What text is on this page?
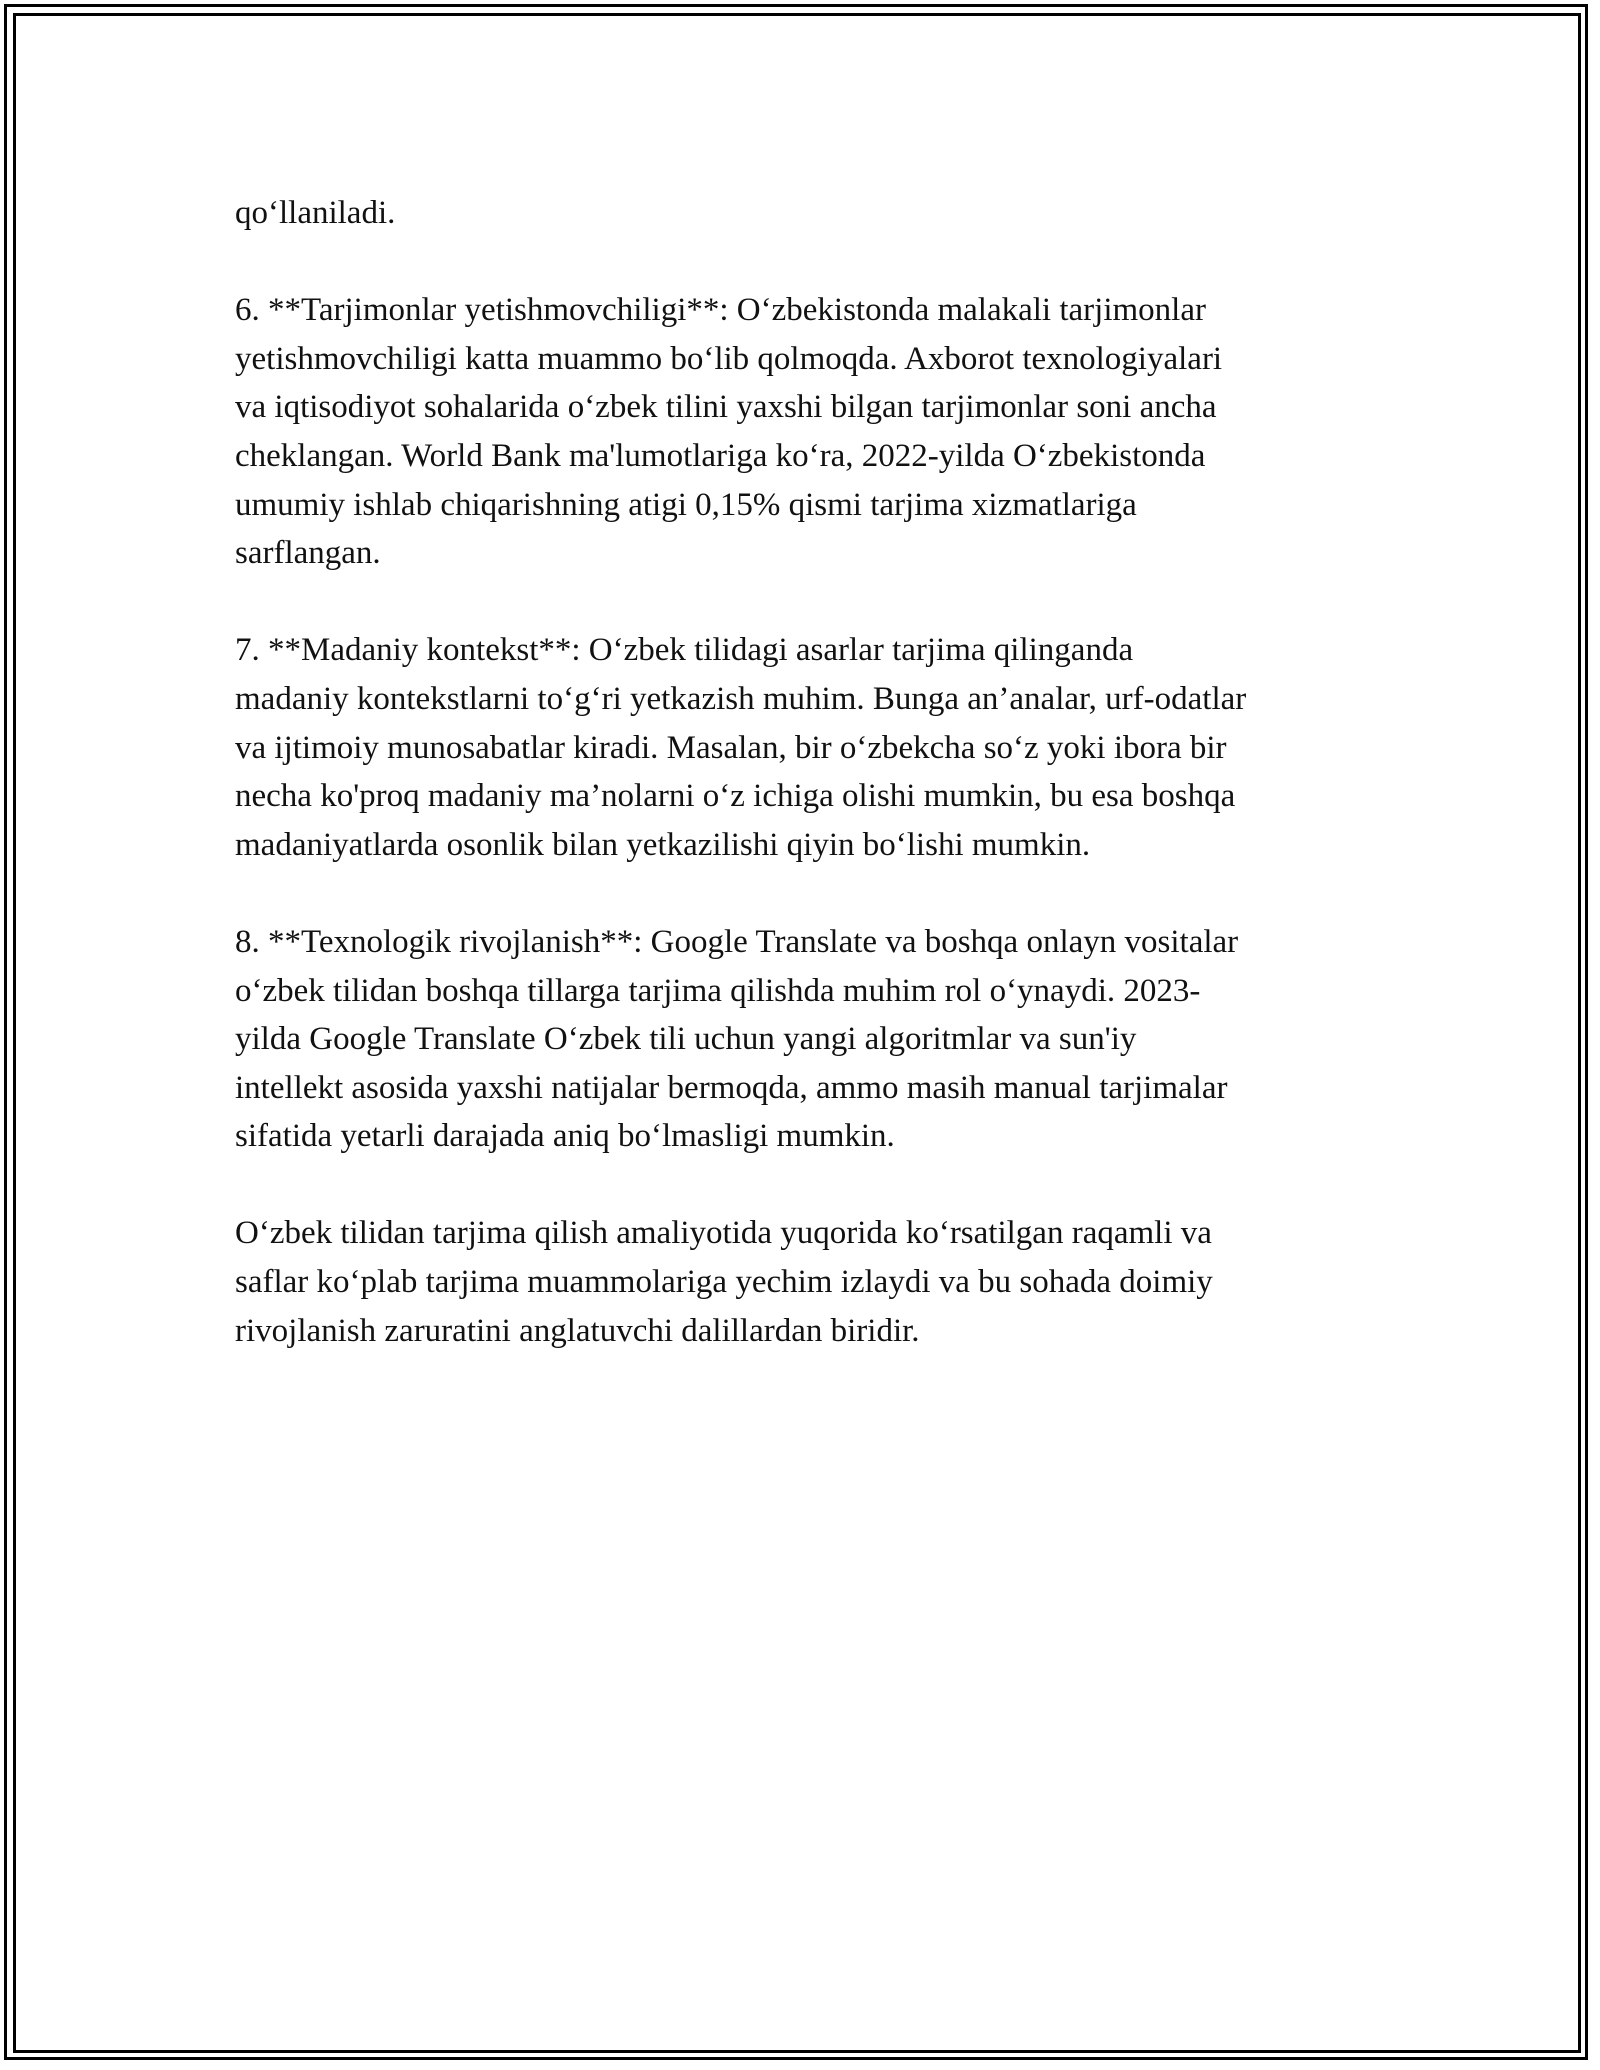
qo‘llaniladi.

6. **Tarjimonlar yetishmovchiligi**: O‘zbekistonda malakali tarjimonlar
yetishmovchiligi katta muammo bo‘lib qolmoqda. Axborot texnologiyalari
va iqtisodiyot sohalarida o‘zbek tilini yaxshi bilgan tarjimonlar soni ancha
cheklangan. World Bank ma'lumotlariga ko‘ra, 2022-yilda O‘zbekistonda
umumiy ishlab chiqarishning atigi 0,15% qismi tarjima xizmatlariga
sarflangan.

7. **Madaniy kontekst**: O‘zbek tilidagi asarlar tarjima qilinganda
madaniy kontekstlarni to‘g‘ri yetkazish muhim. Bunga an’analar, urf-odatlar
va ijtimoiy munosabatlar kiradi. Masalan, bir o‘zbekcha so‘z yoki ibora bir
necha ko'proq madaniy ma’nolarni o‘z ichiga olishi mumkin, bu esa boshqa
madaniyatlarda osonlik bilan yetkazilishi qiyin bo‘lishi mumkin.

8. **Texnologik rivojlanish**: Google Translate va boshqa onlayn vositalar
o‘zbek tilidan boshqa tillarga tarjima qilishda muhim rol o‘ynaydi. 2023-
yilda Google Translate O‘zbek tili uchun yangi algoritmlar va sun'iy
intellekt asosida yaxshi natijalar bermoqda, ammo masih manual tarjimalar
sifatida yetarli darajada aniq bo‘lmasligi mumkin.

O‘zbek tilidan tarjima qilish amaliyotida yuqorida ko‘rsatilgan raqamli va
saflar ko‘plab tarjima muammolariga yechim izlaydi va bu sohada doimiy
rivojlanish zaruratini anglatuvchi dalillardan biridir.
